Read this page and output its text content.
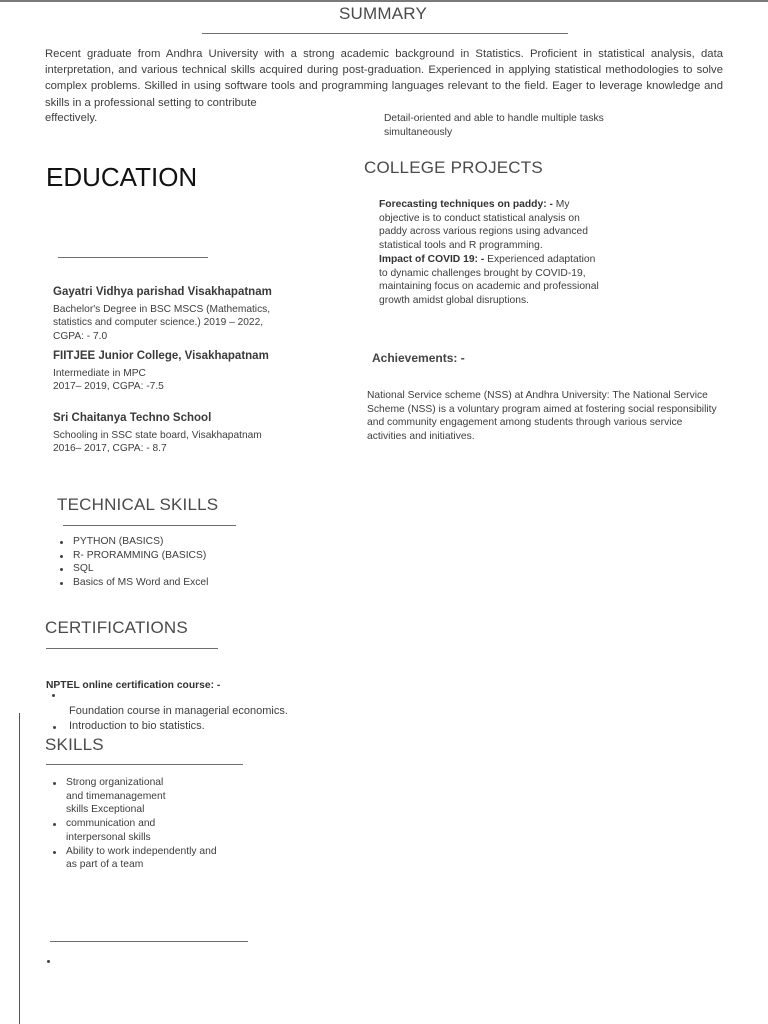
SUMMARY
Recent graduate from Andhra University with a strong academic background in Statistics. Proficient in statistical analysis, data interpretation, and various technical skills acquired during post-graduation. Experienced in applying statistical methodologies to solve complex problems. Skilled in using software tools and programming languages relevant to the field. Eager to leverage knowledge and skills in a professional setting to contribute
effectively.	Detail-oriented and able to handle multiple tasks simultaneously
EDUCATION
Gayatri Vidhya parishad Visakhapatnam
Bachelor's Degree in BSC MSCS (Mathematics, statistics and computer science.) 2019 – 2022, CGPA: - 7.0
FIITJEE Junior College, Visakhapatnam
Intermediate in MPC
2017– 2019, CGPA: -7.5
Sri Chaitanya Techno School
Schooling in SSC state board, Visakhapatnam
2016– 2017, CGPA: - 8.7
COLLEGE PROJECTS
Forecasting techniques on paddy: - My objective is to conduct statistical analysis on paddy across various regions using advanced statistical tools and R programming.
Impact of COVID 19: - Experienced adaptation to dynamic challenges brought by COVID-19, maintaining focus on academic and professional growth amidst global disruptions.
Achievements: -
National Service scheme (NSS) at Andhra University: The National Service Scheme (NSS) is a voluntary program aimed at fostering social responsibility and community engagement among students through various service activities and initiatives.
TECHNICAL SKILLS
PYTHON (BASICS)
R- PRORAMMING (BASICS)
SQL
Basics of MS Word and Excel
CERTIFICATIONS
NPTEL online certification course: -
Foundation course in managerial economics.
Introduction to bio statistics.
SKILLS
Strong organizational and timemanagement skills Exceptional
communication and interpersonal skills
Ability to work independently and as part of a team
